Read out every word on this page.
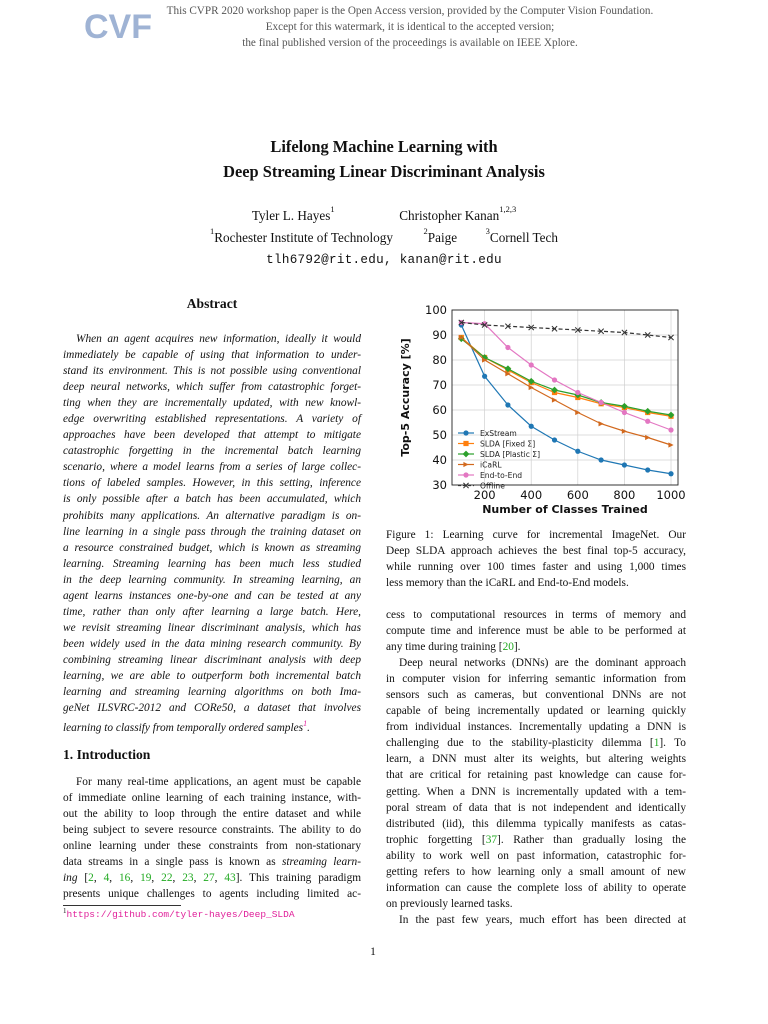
CVF	This CVPR 2020 workshop paper is the Open Access version, provided by the Computer Vision Foundation.
Except for this watermark, it is identical to the accepted version;
the final published version of the proceedings is available on IEEE Xplore.
Lifelong Machine Learning with
Deep Streaming Linear Discriminant Analysis
Tyler L. Hayes$^1$	Christopher Kanan$^{1,2,3}$
$^1$Rochester Institute of Technology	$^2$Paige	$^3$Cornell Tech
tlh6792@rit.edu, kanan@rit.edu
Abstract
When an agent acquires new information, ideally it would
immediately be capable of using that information to under-
stand its environment. This is not possible using conventional
deep neural networks, which suffer from catastrophic forget-
ting when they are incrementally updated, with new knowl-
edge overwriting established representations. A variety of
approaches have been developed that attempt to mitigate
catastrophic forgetting in the incremental batch learning
scenario, where a model learns from a series of large collec-
tions of labeled samples. However, in this setting, inference
is only possible after a batch has been accumulated, which
prohibits many applications. An alternative paradigm is on-
line learning in a single pass through the training dataset on
a resource constrained budget, which is known as streaming
learning. Streaming learning has been much less studied
in the deep learning community. In streaming learning, an
agent learns instances one-by-one and can be tested at any
time, rather than only after learning a large batch. Here,
we revisit streaming linear discriminant analysis, which has
been widely used in the data mining research community. By
combining streaming linear discriminant analysis with deep
learning, we are able to outperform both incremental batch
learning and streaming learning algorithms on both Ima-
geNet ILSVRC-2012 and CORe50, a dataset that involves
learning to classify from temporally ordered samples$^1$.
1. Introduction
For many real-time applications, an agent must be capable
of immediate online learning of each training instance, with-
out the ability to loop through the entire dataset and while
being subject to severe resource constraints. The ability to do
online learning under these constraints from non-stationary
data streams in a single pass is known as streaming learn-
ing [2, 4, 16, 19, 22, 23, 27, 43]. This training paradigm
presents unique challenges to agents including limited ac-
$^1$https://github.com/tyler-hayes/Deep_SLDA
30
40
50
60
70
80
90
100
200 400 600 800 1000
Number of Classes Trained
Top-5 Accuracy [%]	ExStream
SLDA [Fixed Σ]
SLDA [Plastic Σ]
iCaRL
End-to-End
Offline
Figure 1: Learning curve for incremental ImageNet. Our
Deep SLDA approach achieves the best final top-5 accuracy,
while running over 100 times faster and using 1,000 times
less memory than the iCaRL and End-to-End models.
cess to computational resources in terms of memory and
compute time and inference must be able to be performed at
any time during training [20].
Deep neural networks (DNNs) are the dominant approach
in computer vision for inferring semantic information from
sensors such as cameras, but conventional DNNs are not
capable of being incrementally updated or learning quickly
from individual instances. Incrementally updating a DNN is
challenging due to the stability-plasticity dilemma [1]. To
learn, a DNN must alter its weights, but altering weights
that are critical for retaining past knowledge can cause for-
getting. When a DNN is incrementally updated with a tem-
poral stream of data that is not independent and identically
distributed (iid), this dilemma typically manifests as catas-
trophic forgetting [37]. Rather than gradually losing the
ability to work well on past information, catastrophic for-
getting refers to how learning only a small amount of new
information can cause the complete loss of ability to operate
on previously learned tasks.
In the past few years, much effort has been directed at
1
